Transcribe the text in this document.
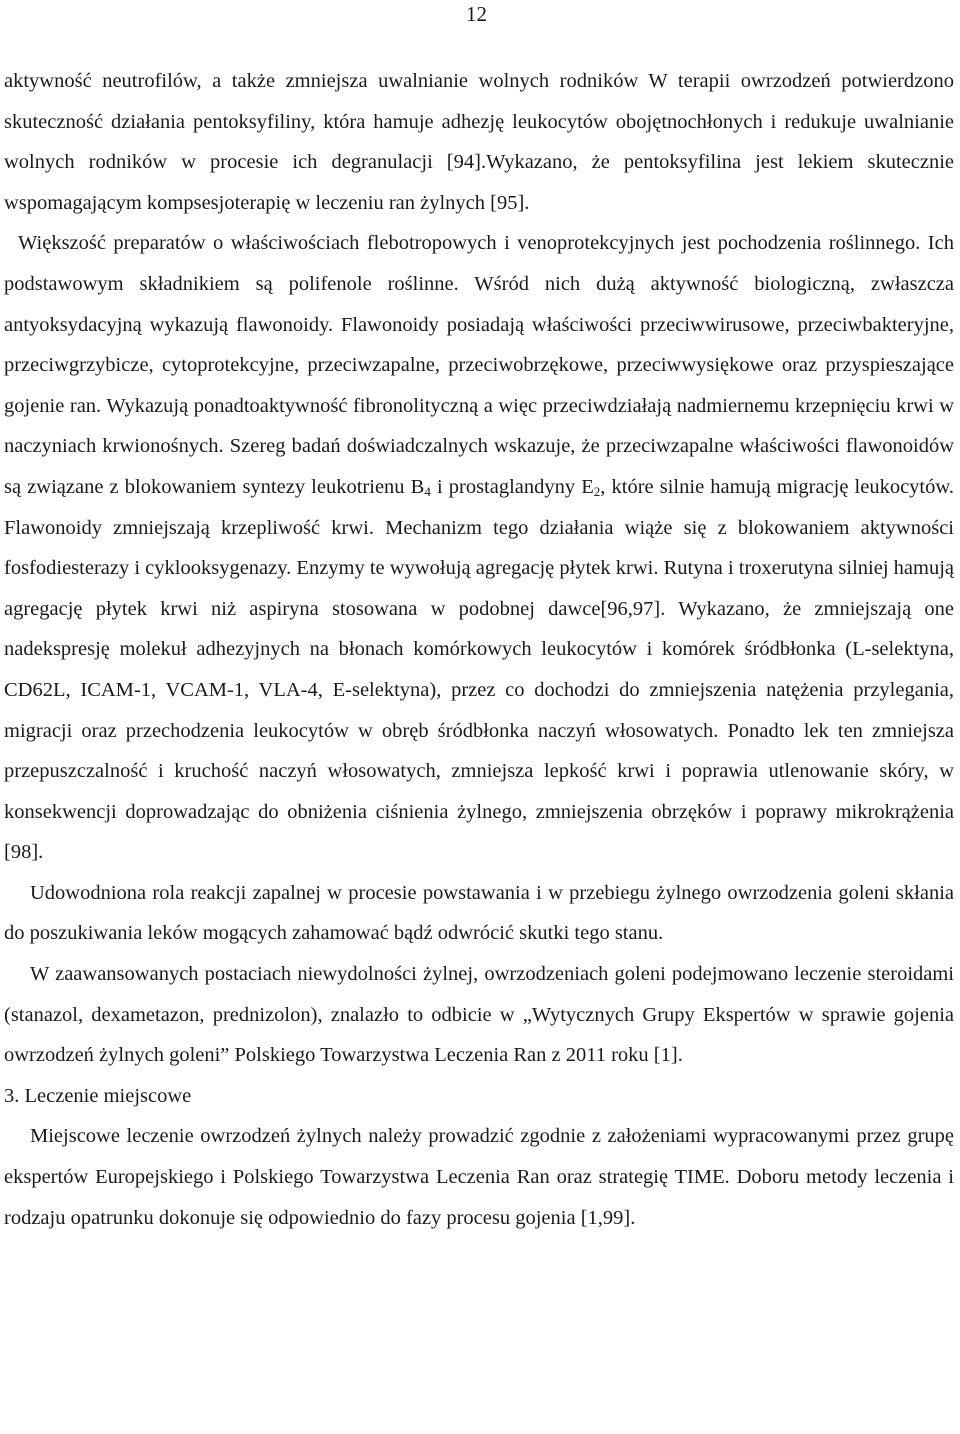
12

aktywność neutrofilów, a także zmniejsza uwalnianie wolnych rodników W terapii owrzodzeń potwierdzono skuteczność działania pentoksyfiliny, która hamuje adhezję leukocytów obojętnochłonych i redukuje uwalnianie wolnych rodników w procesie ich degranulacji [94].Wykazano, że pentoksyfilina jest lekiem skutecznie wspomagającym kompsesjoterapię w leczeniu ran żylnych [95].

Większość preparatów o właściwościach flebotropowych i venoprotekcyjnych jest pochodzenia roślinnego. Ich podstawowym składnikiem są polifenole roślinne. Wśród nich dużą aktywność biologiczną, zwłaszcza antyoksydacyjną wykazują flawonoidy. Flawonoidy posiadają właściwości przeciwwirusowe, przeciwbakteryjne, przeciwgrzybicze, cytoprotekcyjne, przeciwzapalne, przeciwobrzękowe, przeciwwysiękowe oraz przyspieszające gojenie ran. Wykazują ponadtoaktywność fibronolityczną a więc przeciwdziałają nadmiernemu krzepnięciu krwi w naczyniach krwionośnych. Szereg badań doświadczalnych wskazuje, że przeciwzapalne właściwości flawonoidów są związane z blokowaniem syntezy leukotrienu $B_4$ i prostaglandyny $E_2$, które silnie hamują migrację leukocytów. Flawonoidy zmniejszają krzepliwość krwi. Mechanizm tego działania wiąże się z blokowaniem aktywności fosfodiesterazy i cyklooksygenazy. Enzymy te wywołują agregację płytek krwi. Rutyna i troxerutyna silniej hamują agregację płytek krwi niż aspiryna stosowana w podobnej dawce[96,97]. Wykazano, że zmniejszają one nadekspresję molekuł adhezyjnych na błonach komórkowych leukocytów i komórek śródbłonka (L-selektyna, CD62L, ICAM-1, VCAM-1, VLA-4, E-selektyna), przez co dochodzi do zmniejszenia natężenia przylegania, migracji oraz przechodzenia leukocytów w obręb śródbłonka naczyń włosowatych. Ponadto lek ten zmniejsza przepuszczalność i kruchość naczyń włosowatych, zmniejsza lepkość krwi i poprawia utlenowanie skóry, w konsekwencji doprowadzając do obniżenia ciśnienia żylnego, zmniejszenia obrzęków i poprawy mikrokrążenia [98].

Udowodniona rola reakcji zapalnej w procesie powstawania i w przebiegu żylnego owrzodzenia goleni skłania do poszukiwania leków mogących zahamować bądź odwrócić skutki tego stanu.

W zaawansowanych postaciach niewydolności żylnej, owrzodzeniach goleni podejmowano leczenie steroidami (stanazol, dexametazon, prednizolon), znalazło to odbicie w „Wytycznych Grupy Ekspertów w sprawie gojenia owrzodzeń żylnych goleni” Polskiego Towarzystwa Leczenia Ran z 2011 roku [1].

3. Leczenie miejscowe

Miejscowe leczenie owrzodzeń żylnych należy prowadzić zgodnie z założeniami wypracowanymi przez grupę ekspertów Europejskiego i Polskiego Towarzystwa Leczenia Ran oraz strategię TIME. Doboru metody leczenia i rodzaju opatrunku dokonuje się odpowiednio do fazy procesu gojenia [1,99].
